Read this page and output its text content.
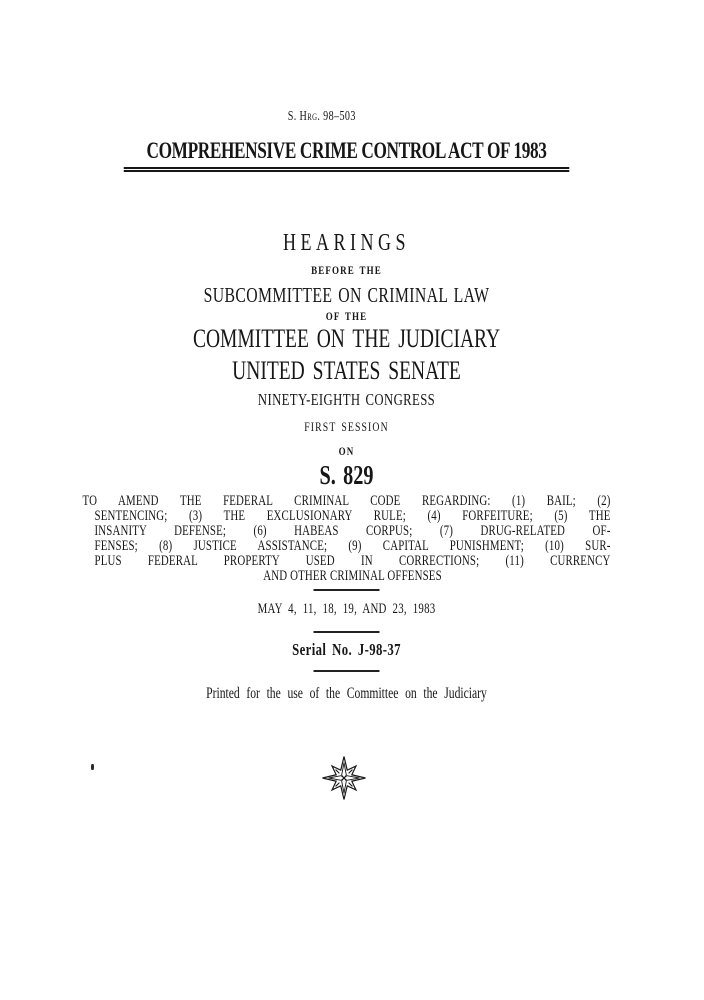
S. Hrg. 98–503
COMPREHENSIVE CRIME CONTROL ACT OF 1983
HEARINGS
BEFORE THE
SUBCOMMITTEE ON CRIMINAL LAW
OF THE
COMMITTEE ON THE JUDICIARY
UNITED STATES SENATE
NINETY-EIGHTH CONGRESS
FIRST SESSION
ON
S. 829
TO AMEND THE FEDERAL CRIMINAL CODE REGARDING: (1) BAIL; (2)
SENTENCING; (3) THE EXCLUSIONARY RULE; (4) FORFEITURE; (5) THE
INSANITY DEFENSE; (6) HABEAS CORPUS; (7) DRUG-RELATED OF-
FENSES; (8) JUSTICE ASSISTANCE; (9) CAPITAL PUNISHMENT; (10) SUR-
PLUS FEDERAL PROPERTY USED IN CORRECTIONS; (11) CURRENCY
AND OTHER CRIMINAL OFFENSES
MAY 4, 11, 18, 19, AND 23, 1983
Serial No. J-98-37
Printed for the use of the Committee on the Judiciary
